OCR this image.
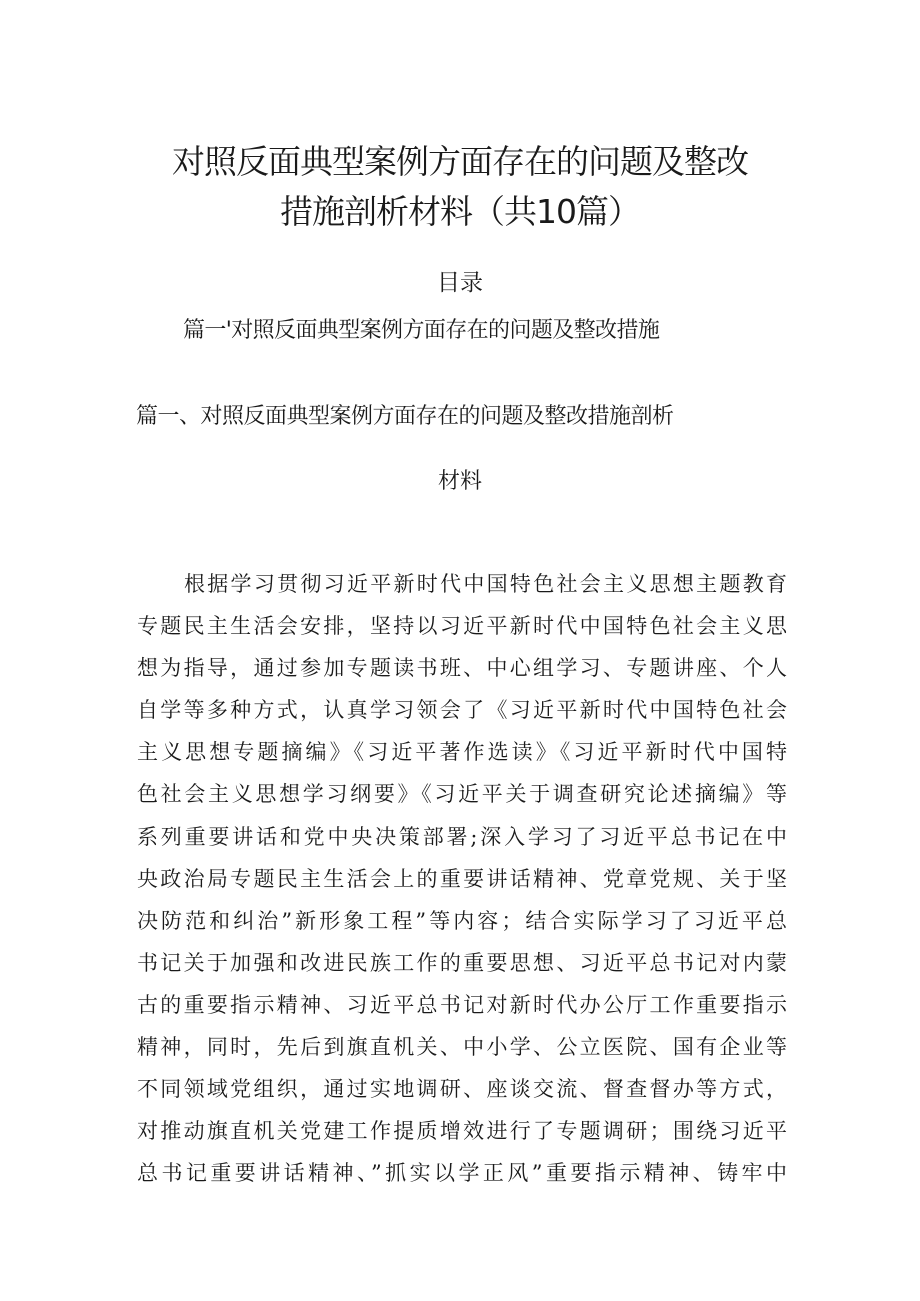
对照反面典型案例方面存在的问题及整改
措施剖析材料（共10篇）
目录
篇一'对照反面典型案例方面存在的问题及整改措施
篇一、对照反面典型案例方面存在的问题及整改措施剖析
材料
根据学习贯彻习近平新时代中国特色社会主义思想主题教育
专题民主生活会安排，坚持以习近平新时代中国特色社会主义思
想为指导，通过参加专题读书班、中心组学习、专题讲座、个人
自学等多种方式，认真学习领会了《习近平新时代中国特色社会
主义思想专题摘编》《习近平著作选读》《习近平新时代中国特
色社会主义思想学习纲要》《习近平关于调查研究论述摘编》等
系列重要讲话和党中央决策部署;深入学习了习近平总书记在中
央政治局专题民主生活会上的重要讲话精神、党章党规、关于坚
决防范和纠治”新形象工程”等内容；结合实际学习了习近平总
书记关于加强和改进民族工作的重要思想、习近平总书记对内蒙
古的重要指示精神、习近平总书记对新时代办公厅工作重要指示
精神，同时，先后到旗直机关、中小学、公立医院、国有企业等
不同领域党组织，通过实地调研、座谈交流、督查督办等方式，
对推动旗直机关党建工作提质增效进行了专题调研；围绕习近平
总书记重要讲话精神、”抓实以学正风”重要指示精神、铸牢中
